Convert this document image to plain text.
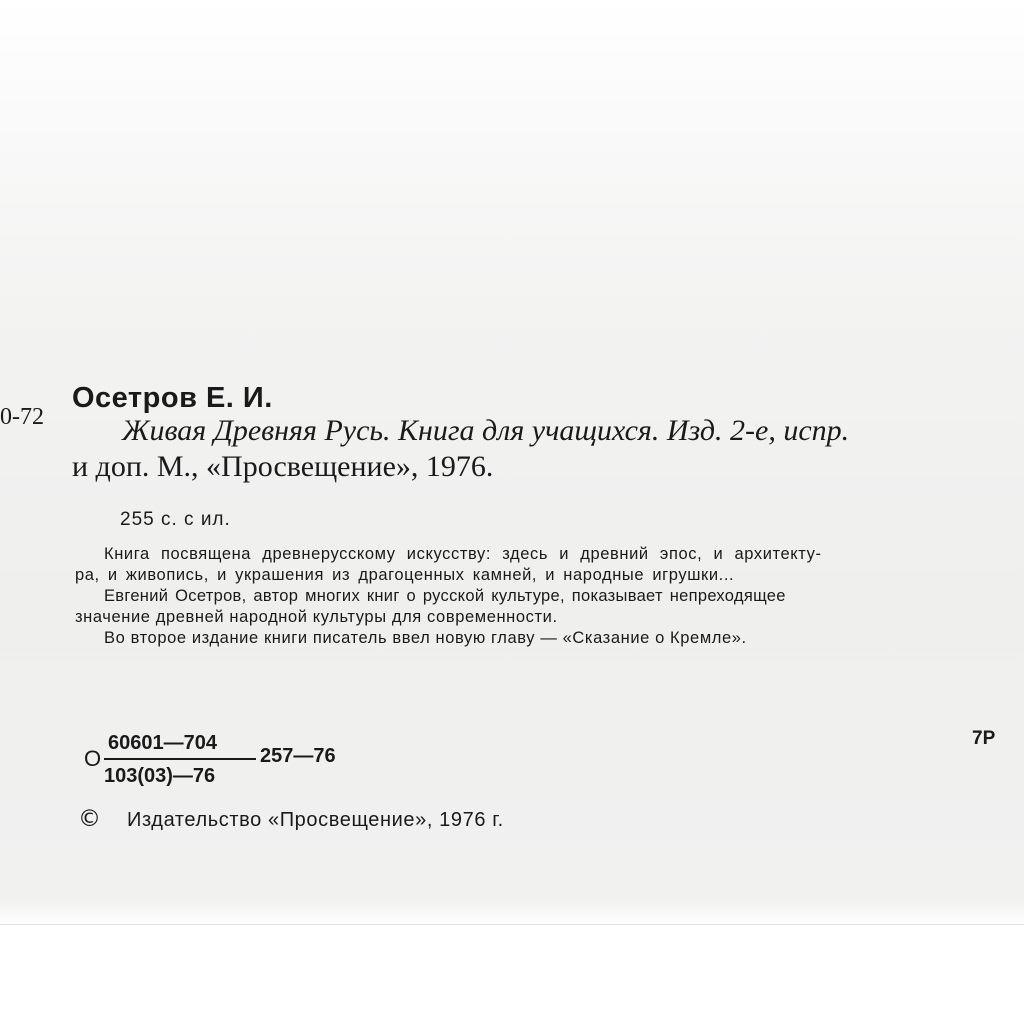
0-72
Осетров Е. И.
Живая Древняя Русь. Книга для учащихся. Изд. 2-е, испр.
и доп. М., «Просвещение», 1976.
255 с. с ил.
Книга посвящена древнерусскому искусству: здесь и древний эпос, и архитекту-
ра, и живопись, и украшения из драгоценных камней, и народные игрушки...
Евгений Осетров, автор многих книг о русской культуре, показывает непреходящее
значение древней народной культуры для современности.
Во второе издание книги писатель ввел новую главу — «Сказание о Кремле».
О
60601—704
103(03)—76
257—76
7Р
© Издательство «Просвещение», 1976 г.
